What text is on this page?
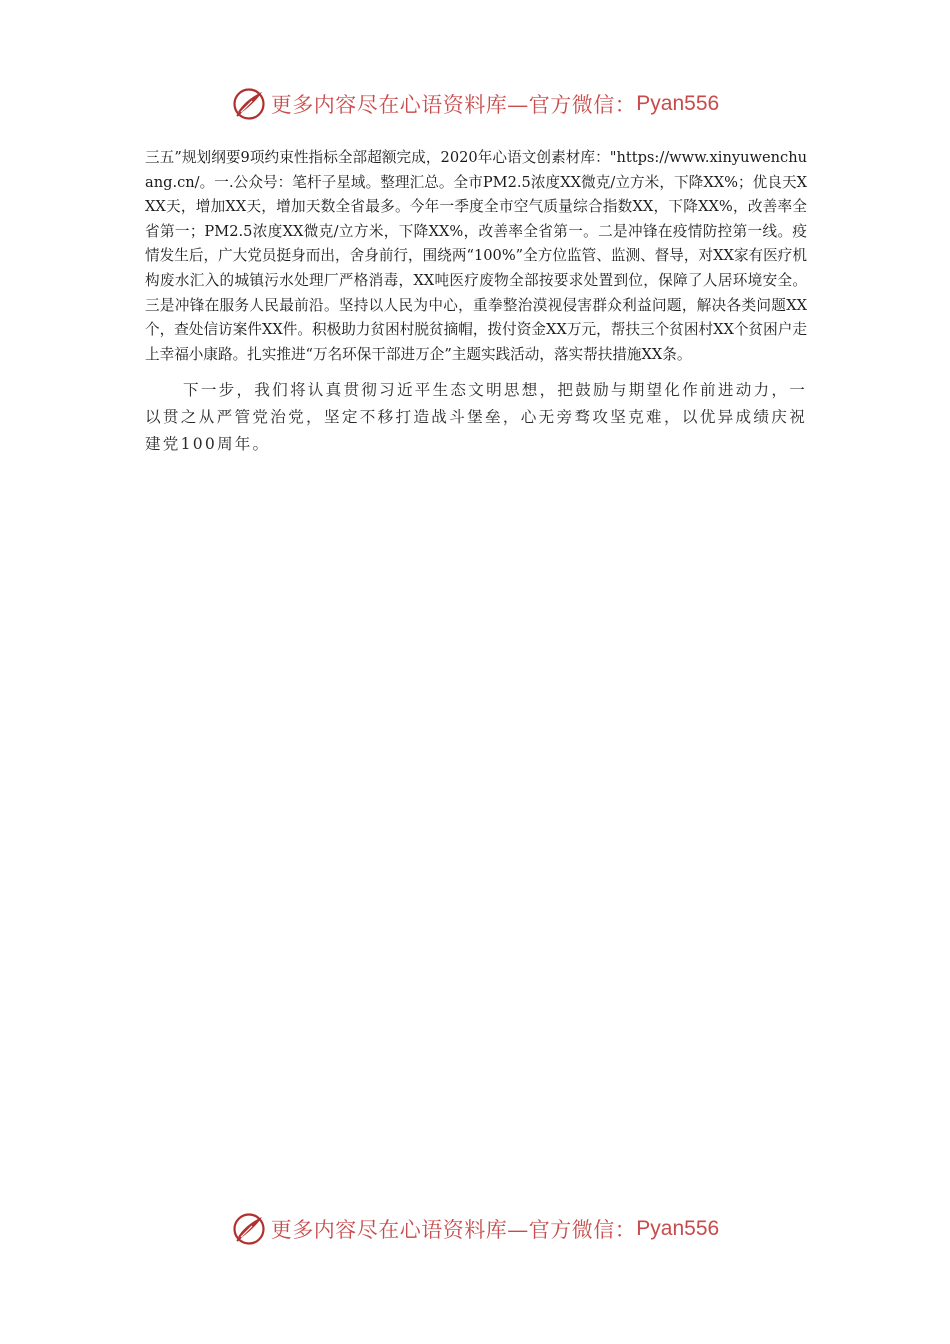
更多内容尽在心语资料库—官方微信： Pyan556

三五”规划纲要9项约束性指标全部超额完成，2020年心语文创素材库："https://www.xinyuwenchuang.cn/。一.公众号：笔杆子星域。整理汇总。全市PM2.5浓度XX微克/立方米，下降XX%；优良天XXX天，增加XX天，增加天数全省最多。今年一季度全市空气质量综合指数XX，下降XX%，改善率全省第一；PM2.5浓度XX微克/立方米，下降XX%，改善率全省第一。二是冲锋在疫情防控第一线。疫情发生后，广大党员挺身而出，舍身前行，围绕两“100%”全方位监管、监测、督导，对XX家有医疗机构废水汇入的城镇污水处理厂严格消毒，XX吨医疗废物全部按要求处置到位，保障了人居环境安全。三是冲锋在服务人民最前沿。坚持以人民为中心，重拳整治漠视侵害群众利益问题，解决各类问题XX个，查处信访案件XX件。积极助力贫困村脱贫摘帽，拨付资金XX万元，帮扶三个贫困村XX个贫困户走上幸福小康路。扎实推进“万名环保干部进万企”主题实践活动，落实帮扶措施XX条。

下一步，我们将认真贯彻习近平生态文明思想，把鼓励与期望化作前进动力，一以贯之从严管党治党，坚定不移打造战斗堡垒，心无旁骛攻坚克难，以优异成绩庆祝建党100周年。

更多内容尽在心语资料库—官方微信： Pyan556
